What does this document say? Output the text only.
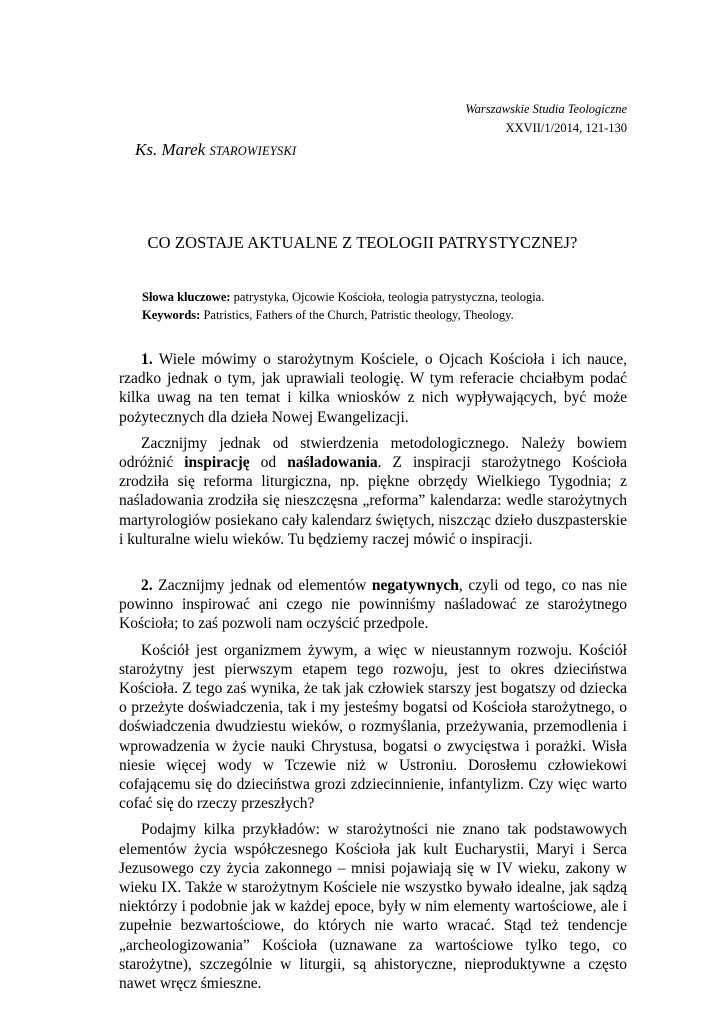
Warszawskie Studia Teologiczne
XXVII/1/2014, 121-130
Ks. Marek STAROWIEYSKI
CO ZOSTAJE AKTUALNE Z TEOLOGII PATRYSTYCZNEJ?
Słowa kluczowe: patrystyka, Ojcowie Kościoła, teologia patrystyczna, teologia.
Keywords: Patristics, Fathers of the Church, Patristic theology, Theology.

1. Wiele mówimy o starożytnym Kościele, o Ojcach Kościoła i ich nauce, rzadko jednak o tym, jak uprawiali teologię. W tym referacie chciałbym podać kilka uwag na ten temat i kilka wniosków z nich wypływających, być może pożytecznych dla dzieła Nowej Ewangelizacji.

Zacznijmy jednak od stwierdzenia metodologicznego. Należy bowiem odróżnić inspirację od naśladowania. Z inspiracji starożytnego Kościoła zrodziła się reforma liturgiczna, np. piękne obrzędy Wielkiego Tygodnia; z naśladowania zrodziła się nieszczęsna „reforma” kalendarza: wedle starożytnych martyrologiów posiekano cały kalendarz świętych, niszcząc dzieło duszpasterskie i kulturalne wielu wieków. Tu będziemy raczej mówić o inspiracji.

2. Zacznijmy jednak od elementów negatywnych, czyli od tego, co nas nie powinno inspirować ani czego nie powinniśmy naśladować ze starożytnego Kościoła; to zaś pozwoli nam oczyścić przedpole.

Kościół jest organizmem żywym, a więc w nieustannym rozwoju. Kościół starożytny jest pierwszym etapem tego rozwoju, jest to okres dzieciństwa Kościoła. Z tego zaś wynika, że tak jak człowiek starszy jest bogatszy od dziecka o przeżyte doświadczenia, tak i my jesteśmy bogatsi od Kościoła starożytnego, o doświadczenia dwudziestu wieków, o rozmyślania, przeżywania, przemodlenia i wprowadzenia w życie nauki Chrystusa, bogatsi o zwycięstwa i porażki. Wisła niesie więcej wody w Tczewie niż w Ustroniu. Dorosłemu człowiekowi cofającemu się do dzieciństwa grozi zdziecinnienie, infantylizm. Czy więc warto cofać się do rzeczy przeszłych?

Podajmy kilka przykładów: w starożytności nie znano tak podstawowych elementów życia współczesnego Kościoła jak kult Eucharystii, Maryi i Serca Jezusowego czy życia zakonnego – mnisi pojawiają się w IV wieku, zakony w wieku IX. Także w starożytnym Kościele nie wszystko bywało idealne, jak sądzą niektórzy i podobnie jak w każdej epoce, były w nim elementy wartościowe, ale i zupełnie bezwartościowe, do których nie warto wracać. Stąd też tendencje „archeologizowania” Kościoła (uznawane za wartościowe tylko tego, co starożytne), szczególnie w liturgii, są ahistoryczne, nieproduktywne a często nawet wręcz śmieszne.
